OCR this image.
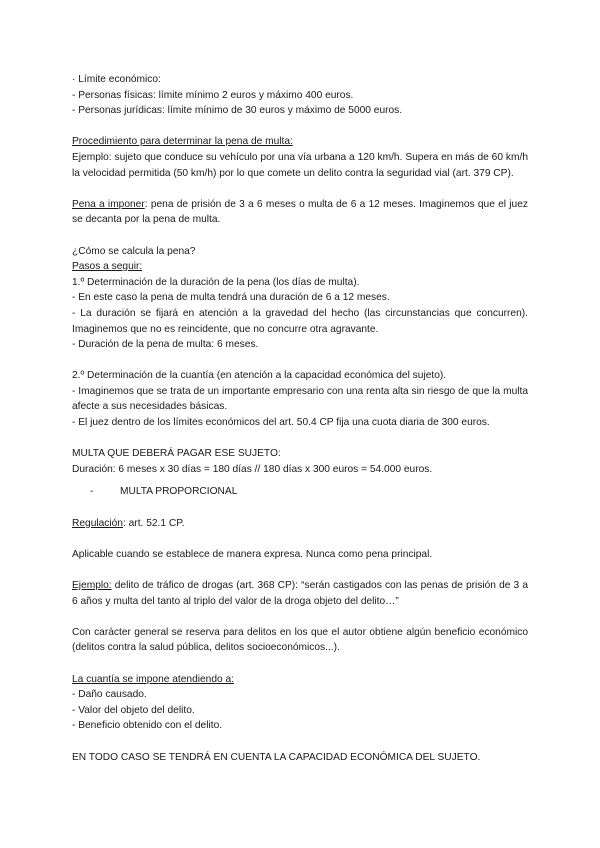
· Límite económico:
- Personas físicas: límite mínimo 2 euros y máximo 400 euros.
- Personas jurídicas: límite mínimo de 30 euros y máximo de 5000 euros.
Procedimiento para determinar la pena de multa:
Ejemplo: sujeto que conduce su vehículo por una vía urbana a 120 km/h. Supera en más de 60 km/h la velocidad permitida (50 km/h) por lo que comete un delito contra la seguridad vial (art. 379 CP).
Pena a imponer: pena de prisión de 3 a 6 meses o multa de 6 a 12 meses. Imaginemos que el juez se decanta por la pena de multa.
¿Cómo se calcula la pena?
Pasos a seguir:
1.º Determinación de la duración de la pena (los días de multa).
- En este caso la pena de multa tendrá una duración de 6 a 12 meses.
- La duración se fijará en atención a la gravedad del hecho (las circunstancias que concurren). Imaginemos que no es reincidente, que no concurre otra agravante.
- Duración de la pena de multa: 6 meses.
2.º Determinación de la cuantía (en atención a la capacidad económica del sujeto).
- Imaginemos que se trata de un importante empresario con una renta alta sin riesgo de que la multa afecte a sus necesidades básicas.
- El juez dentro de los límites económicos del art. 50.4 CP fija una cuota diaria de 300 euros.
MULTA QUE DEBERÁ PAGAR ESE SUJETO:
Duración: 6 meses x 30 días = 180 días // 180 días x 300 euros = 54.000 euros.
-	MULTA PROPORCIONAL
Regulación: art. 52.1 CP.
Aplicable cuando se establece de manera expresa. Nunca como pena principal.
Ejemplo: delito de tráfico de drogas (art. 368 CP): “serán castigados con las penas de prisión de 3 a 6 años y multa del tanto al triplo del valor de la droga objeto del delito…”
Con carácter general se reserva para delitos en los que el autor obtiene algún beneficio económico (delitos contra la salud pública, delitos socioeconómicos...).
La cuantía se impone atendiendo a:
- Daño causado.
- Valor del objeto del delito.
- Beneficio obtenido con el delito.
EN TODO CASO SE TENDRÁ EN CUENTA LA CAPACIDAD ECONÓMICA DEL SUJETO.
